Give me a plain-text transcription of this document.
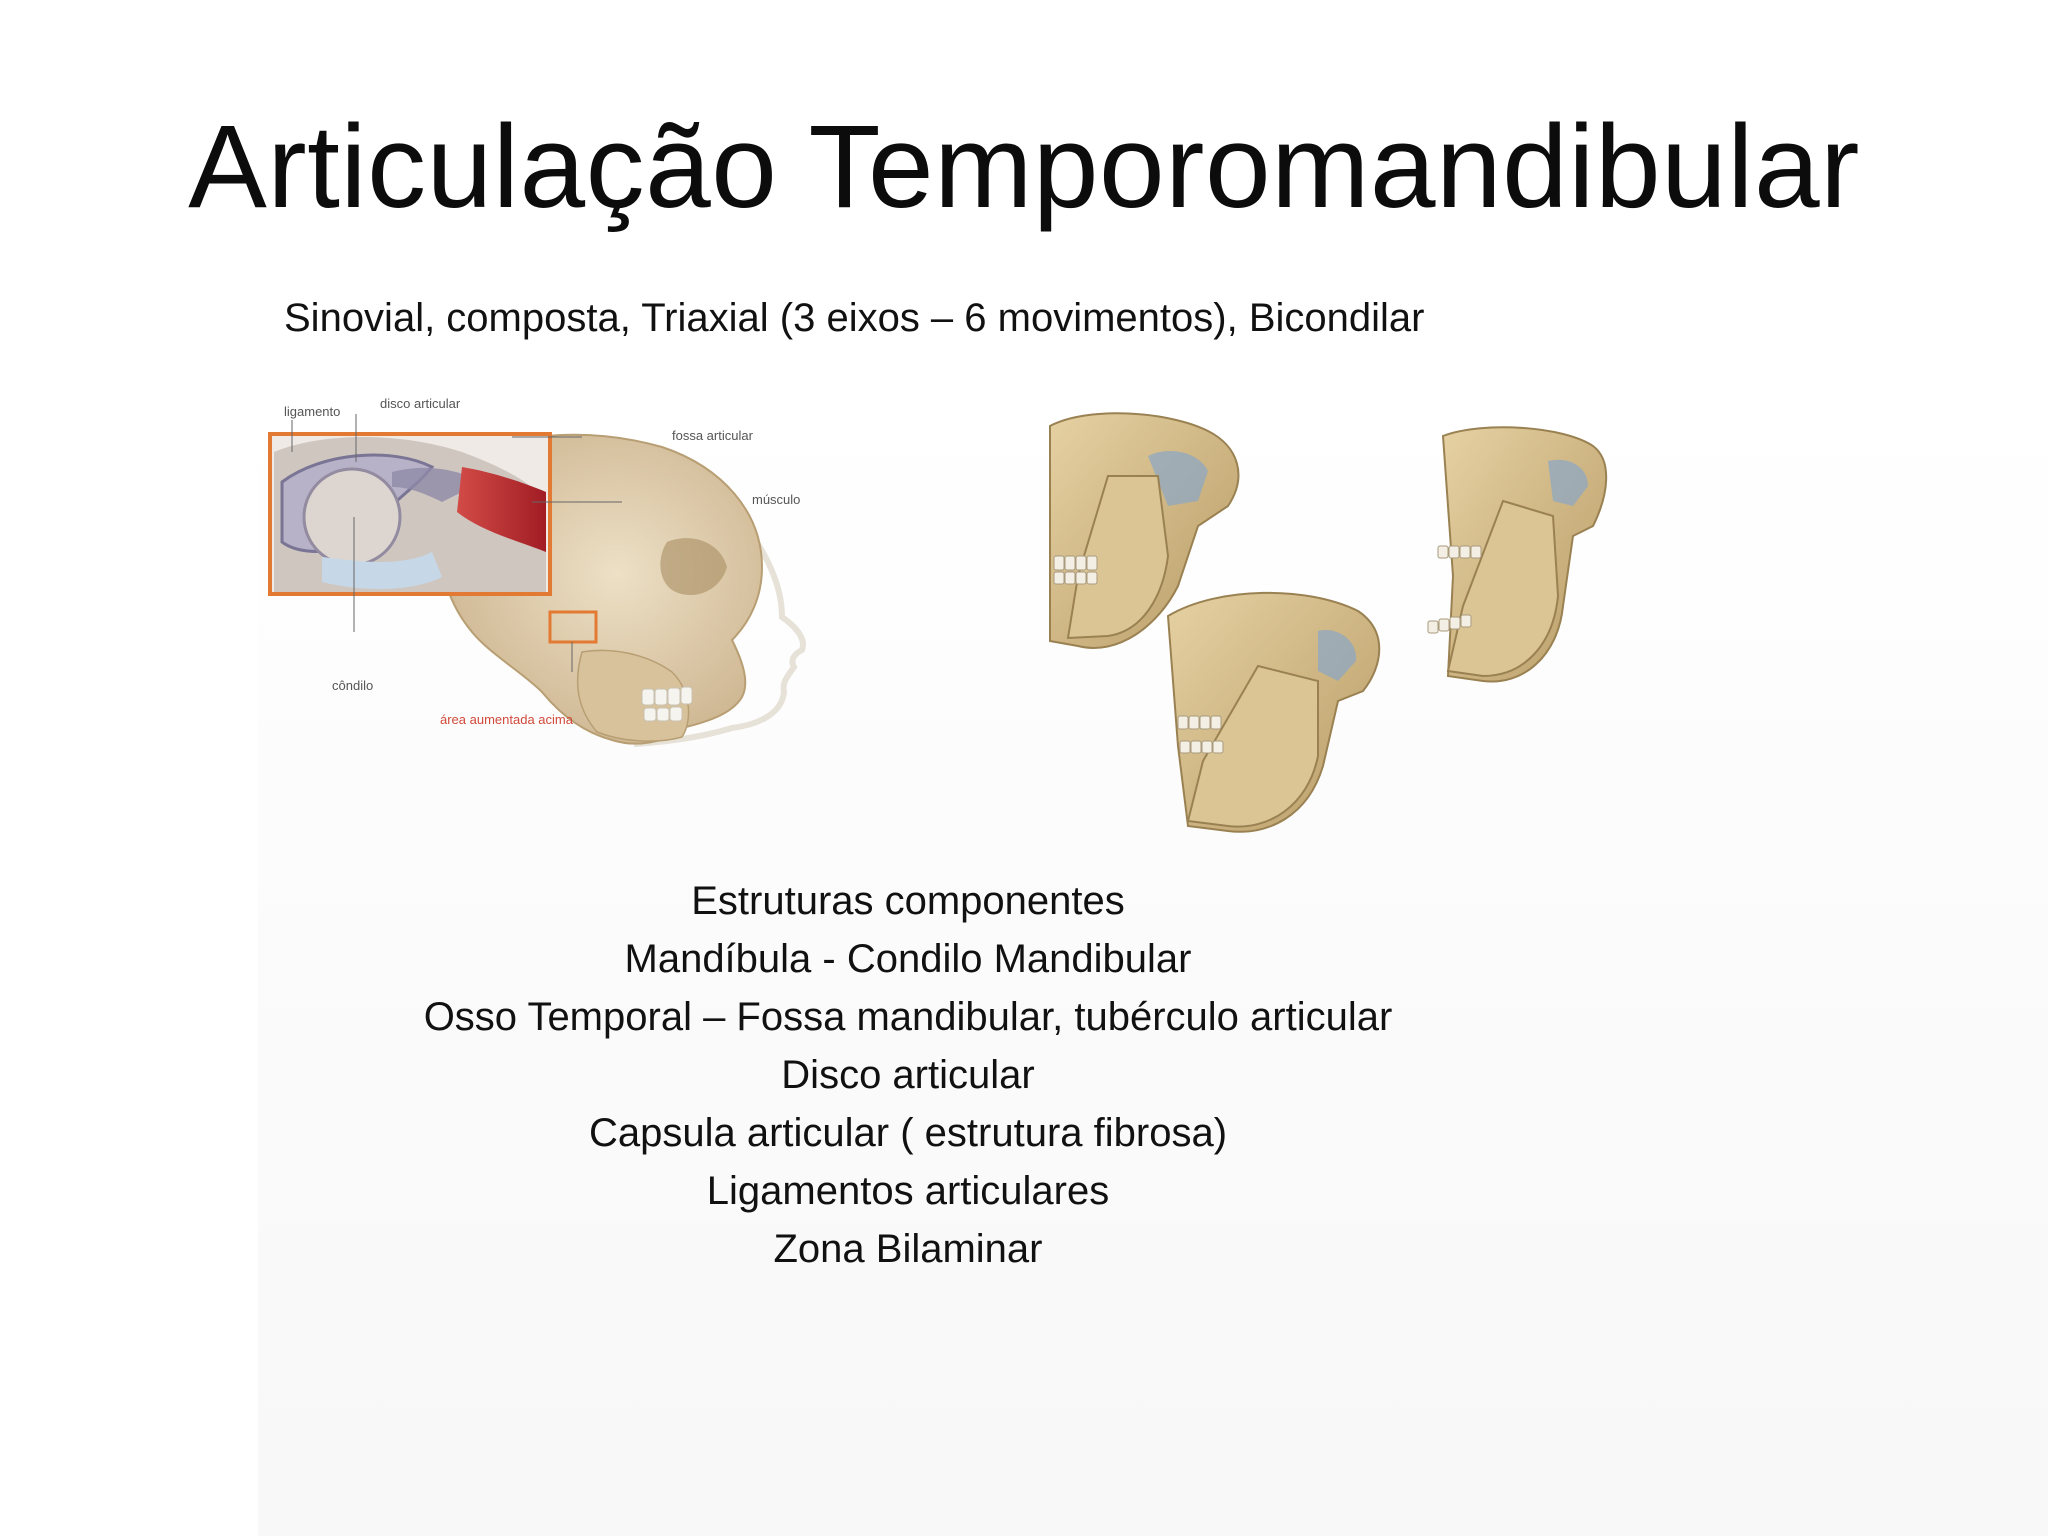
Articulação Temporomandibular
Sinovial, composta, Triaxial (3 eixos – 6 movimentos), Bicondilar
ligamento
disco articular
fossa articular
músculo
côndilo
área aumentada acima
Estruturas componentes
Mandíbula - Condilo Mandibular
Osso Temporal – Fossa mandibular, tubérculo articular
Disco articular
Capsula articular ( estrutura fibrosa)
Ligamentos articulares
Zona Bilaminar
